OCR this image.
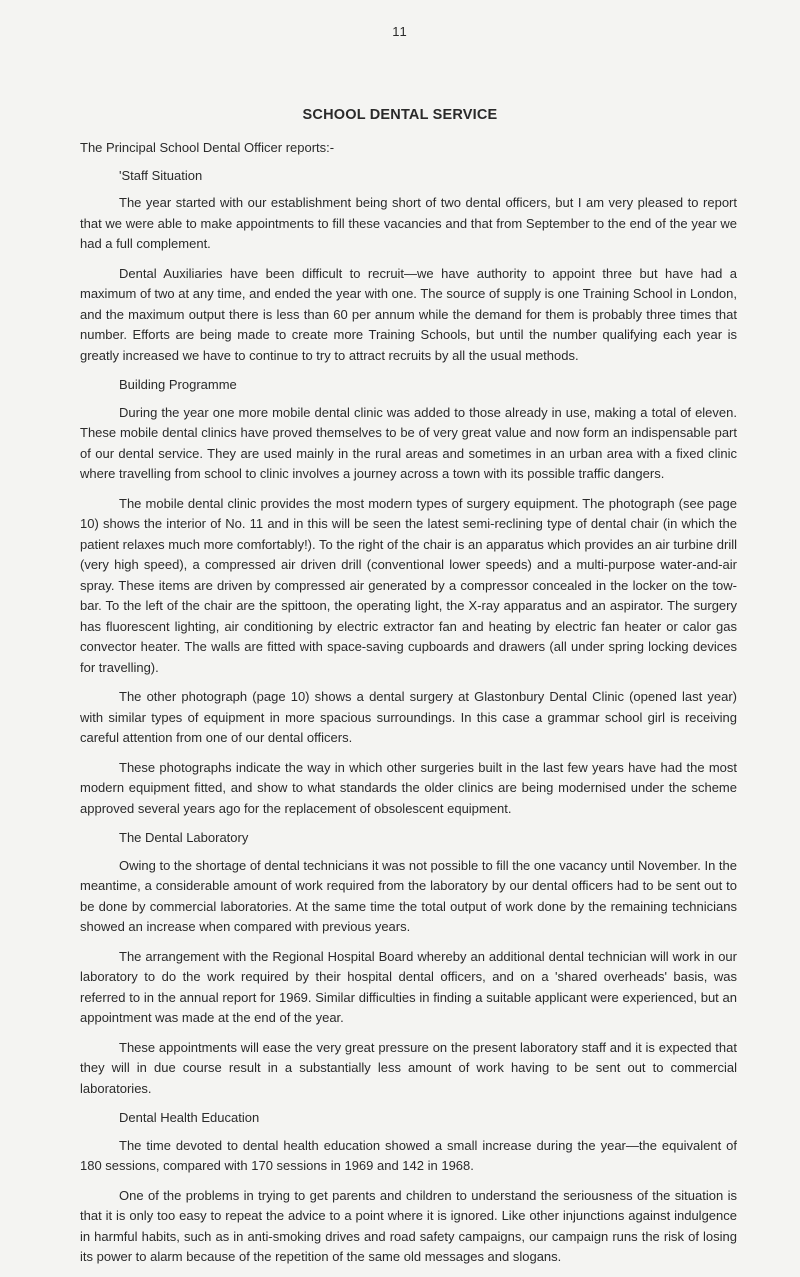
11
SCHOOL DENTAL SERVICE

The Principal School Dental Officer reports:-

'Staff Situation

The year started with our establishment being short of two dental officers, but I am very pleased to report that we were able to make appointments to fill these vacancies and that from September to the end of the year we had a full complement.

Dental Auxiliaries have been difficult to recruit—we have authority to appoint three but have had a maximum of two at any time, and ended the year with one. The source of supply is one Training School in London, and the maximum output there is less than 60 per annum while the demand for them is probably three times that number. Efforts are being made to create more Training Schools, but until the number qualifying each year is greatly increased we have to continue to try to attract recruits by all the usual methods.

Building Programme

During the year one more mobile dental clinic was added to those already in use, making a total of eleven. These mobile dental clinics have proved themselves to be of very great value and now form an indispensable part of our dental service. They are used mainly in the rural areas and sometimes in an urban area with a fixed clinic where travelling from school to clinic involves a journey across a town with its possible traffic dangers.

The mobile dental clinic provides the most modern types of surgery equipment. The photograph (see page 10) shows the interior of No. 11 and in this will be seen the latest semi-reclining type of dental chair (in which the patient relaxes much more comfortably!). To the right of the chair is an apparatus which provides an air turbine drill (very high speed), a compressed air driven drill (conventional lower speeds) and a multi-purpose water-and-air spray. These items are driven by compressed air generated by a compressor concealed in the locker on the tow-bar. To the left of the chair are the spittoon, the operating light, the X-ray apparatus and an aspirator. The surgery has fluorescent lighting, air conditioning by electric extractor fan and heating by electric fan heater or calor gas convector heater. The walls are fitted with space-saving cupboards and drawers (all under spring locking devices for travelling).

The other photograph (page 10) shows a dental surgery at Glastonbury Dental Clinic (opened last year) with similar types of equipment in more spacious surroundings. In this case a grammar school girl is receiving careful attention from one of our dental officers.

These photographs indicate the way in which other surgeries built in the last few years have had the most modern equipment fitted, and show to what standards the older clinics are being modernised under the scheme approved several years ago for the replacement of obsolescent equipment.

The Dental Laboratory

Owing to the shortage of dental technicians it was not possible to fill the one vacancy until November. In the meantime, a considerable amount of work required from the laboratory by our dental officers had to be sent out to be done by commercial laboratories. At the same time the total output of work done by the remaining technicians showed an increase when compared with previous years.

The arrangement with the Regional Hospital Board whereby an additional dental technician will work in our laboratory to do the work required by their hospital dental officers, and on a 'shared overheads' basis, was referred to in the annual report for 1969. Similar difficulties in finding a suitable applicant were experienced, but an appointment was made at the end of the year.

These appointments will ease the very great pressure on the present laboratory staff and it is expected that they will in due course result in a substantially less amount of work having to be sent out to commercial laboratories.

Dental Health Education

The time devoted to dental health education showed a small increase during the year—the equivalent of 180 sessions, compared with 170 sessions in 1969 and 142 in 1968.

One of the problems in trying to get parents and children to understand the seriousness of the situation is that it is only too easy to repeat the advice to a point where it is ignored. Like other injunctions against indulgence in harmful habits, such as in anti-smoking drives and road safety campaigns, our campaign runs the risk of losing its power to alarm because of the repetition of the same old messages and slogans.
